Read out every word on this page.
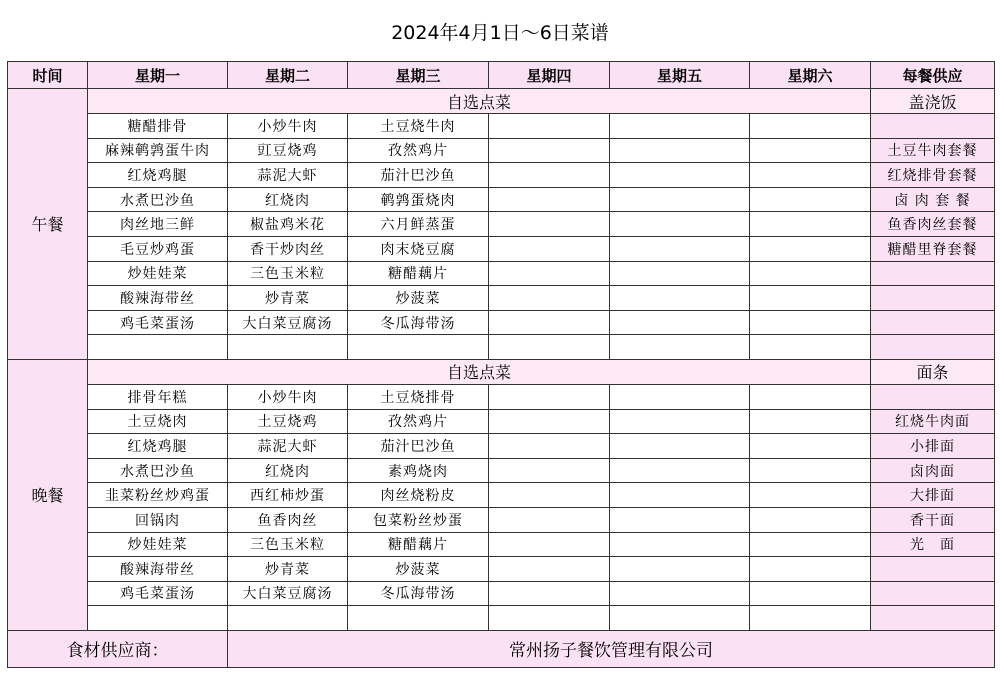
2024年4月1日～6日菜谱
时间	星期一	星期二	星期三	星期四	星期五	星期六	每餐供应
午餐	自选点菜						盖浇饭
	糖醋排骨	小炒牛肉	土豆烧牛肉				
	麻辣鹌鹑蛋牛肉	豇豆烧鸡	孜然鸡片				土豆牛肉套餐
	红烧鸡腿	蒜泥大虾	茄汁巴沙鱼				红烧排骨套餐
	水煮巴沙鱼	红烧肉	鹌鹑蛋烧肉				卤 肉 套 餐
	肉丝地三鲜	椒盐鸡米花	六月鲜蒸蛋				鱼香肉丝套餐
	毛豆炒鸡蛋	香干炒肉丝	肉末烧豆腐				糖醋里脊套餐
	炒娃娃菜	三色玉米粒	糖醋藕片				
	酸辣海带丝	炒青菜	炒菠菜				
	鸡毛菜蛋汤	大白菜豆腐汤	冬瓜海带汤				

晚餐	自选点菜						面条
	排骨年糕	小炒牛肉	土豆烧排骨				
	土豆烧肉	土豆烧鸡	孜然鸡片				红烧牛肉面
	红烧鸡腿	蒜泥大虾	茄汁巴沙鱼				小排面
	水煮巴沙鱼	红烧肉	素鸡烧肉				卤肉面
	韭菜粉丝炒鸡蛋	西红柿炒蛋	肉丝烧粉皮				大排面
	回锅肉	鱼香肉丝	包菜粉丝炒蛋				香干面
	炒娃娃菜	三色玉米粒	糖醋藕片				光　面
	酸辣海带丝	炒青菜	炒菠菜				
	鸡毛菜蛋汤	大白菜豆腐汤	冬瓜海带汤				

食材供应商：		常州扬子餐饮管理有限公司					
